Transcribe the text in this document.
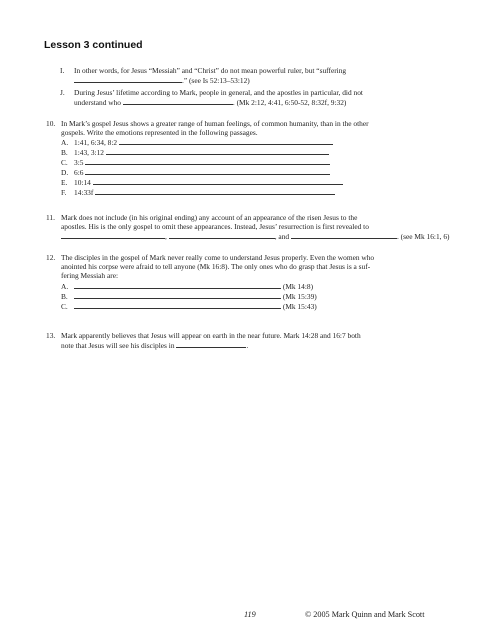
Lesson 3 continued
I. In other words, for Jesus “Messiah” and “Christ” do not mean powerful ruler, but “suffering
.” (see Is 52:13–53:12)
J. During Jesus’ lifetime according to Mark, people in general, and the apostles in particular, did not
understand who	. (Mk 2:12, 4:41, 6:50-52, 8:32f, 9:32)
10. In Mark’s gospel Jesus shows a greater range of human feelings, of common humanity, than in the other
gospels. Write the emotions represented in the following passages.
A. 1:41, 6:34, 8:2
B. 1:43, 3:12
C. 3:5
D. 6:6
E. 10:14
F. 14:33f
11. Mark does not include (in his original ending) any account of an appearance of the risen Jesus to the
apostles. His is the only gospel to omit these appearances. Instead, Jesus’ resurrection is first revealed to
,	, and	. (see Mk 16:1, 6)
12. The disciples in the gospel of Mark never really come to understand Jesus properly. Even the women who
anointed his corpse were afraid to tell anyone (Mk 16:8). The only ones who do grasp that Jesus is a suf-
fering Messiah are:
A.	(Mk 14:8)
B.	(Mk 15:39)
C.	(Mk 15:43)
13. Mark apparently believes that Jesus will appear on earth in the near future. Mark 14:28 and 16:7 both
note that Jesus will see his disciples in	.
119	© 2005 Mark Quinn and Mark Scott
